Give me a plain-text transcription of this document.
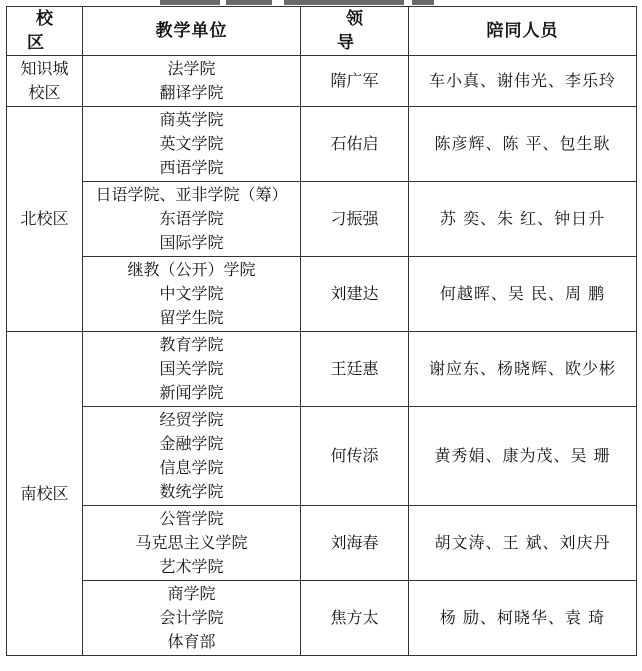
校 区	教学单位	领 导	陪同人员

知识城
校区	法学院
翻译学院	隋广军	车小真、谢伟光、李乐玲

北校区	商英学院
英文学院
西语学院	石佑启	陈彦辉、陈 平、包生耿

	日语学院、亚非学院（筹）
东语学院
国际学院	刁振强	苏 奕、朱 红、钟日升

	继教（公开）学院
中文学院
留学生院	刘建达	何越晖、吴 民、周 鹏

南校区	教育学院
国关学院
新闻学院	王廷惠	谢应东、杨晓辉、欧少彬

	经贸学院
金融学院
信息学院
数统学院	何传添	黄秀娟、康为茂、吴 珊

	公管学院
马克思主义学院
艺术学院	刘海春	胡文涛、王 斌、刘庆丹

	商学院
会计学院
体育部	焦方太	杨 励、柯晓华、袁 琦
